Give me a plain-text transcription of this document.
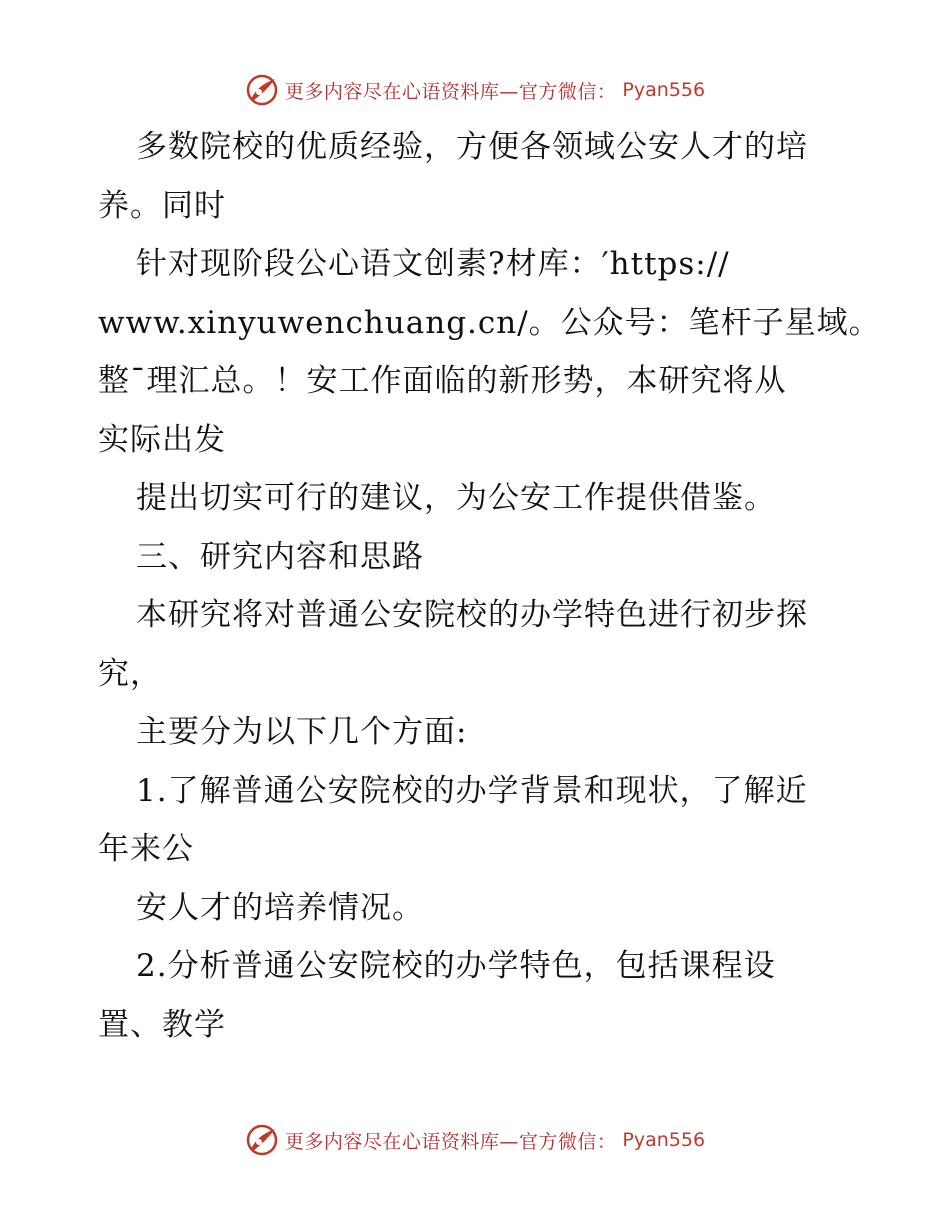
更多内容尽在心语资料库—官方微信： Pyan556
多数院校的优质经验，方便各领域公安人才的培
养。同时
针对现阶段公心语文创素?材库：′https://
www.xinyuwenchuang.cn/。公众号：笔杆子星域。
整¯理汇总。！安工作面临的新形势，本研究将从
实际出发
提出切实可行的建议，为公安工作提供借鉴。
三、研究内容和思路
本研究将对普通公安院校的办学特色进行初步探
究，
主要分为以下几个方面:
1.了解普通公安院校的办学背景和现状，了解近
年来公
安人才的培养情况。
2.分析普通公安院校的办学特色，包括课程设
置、教学
更多内容尽在心语资料库—官方微信： Pyan556
